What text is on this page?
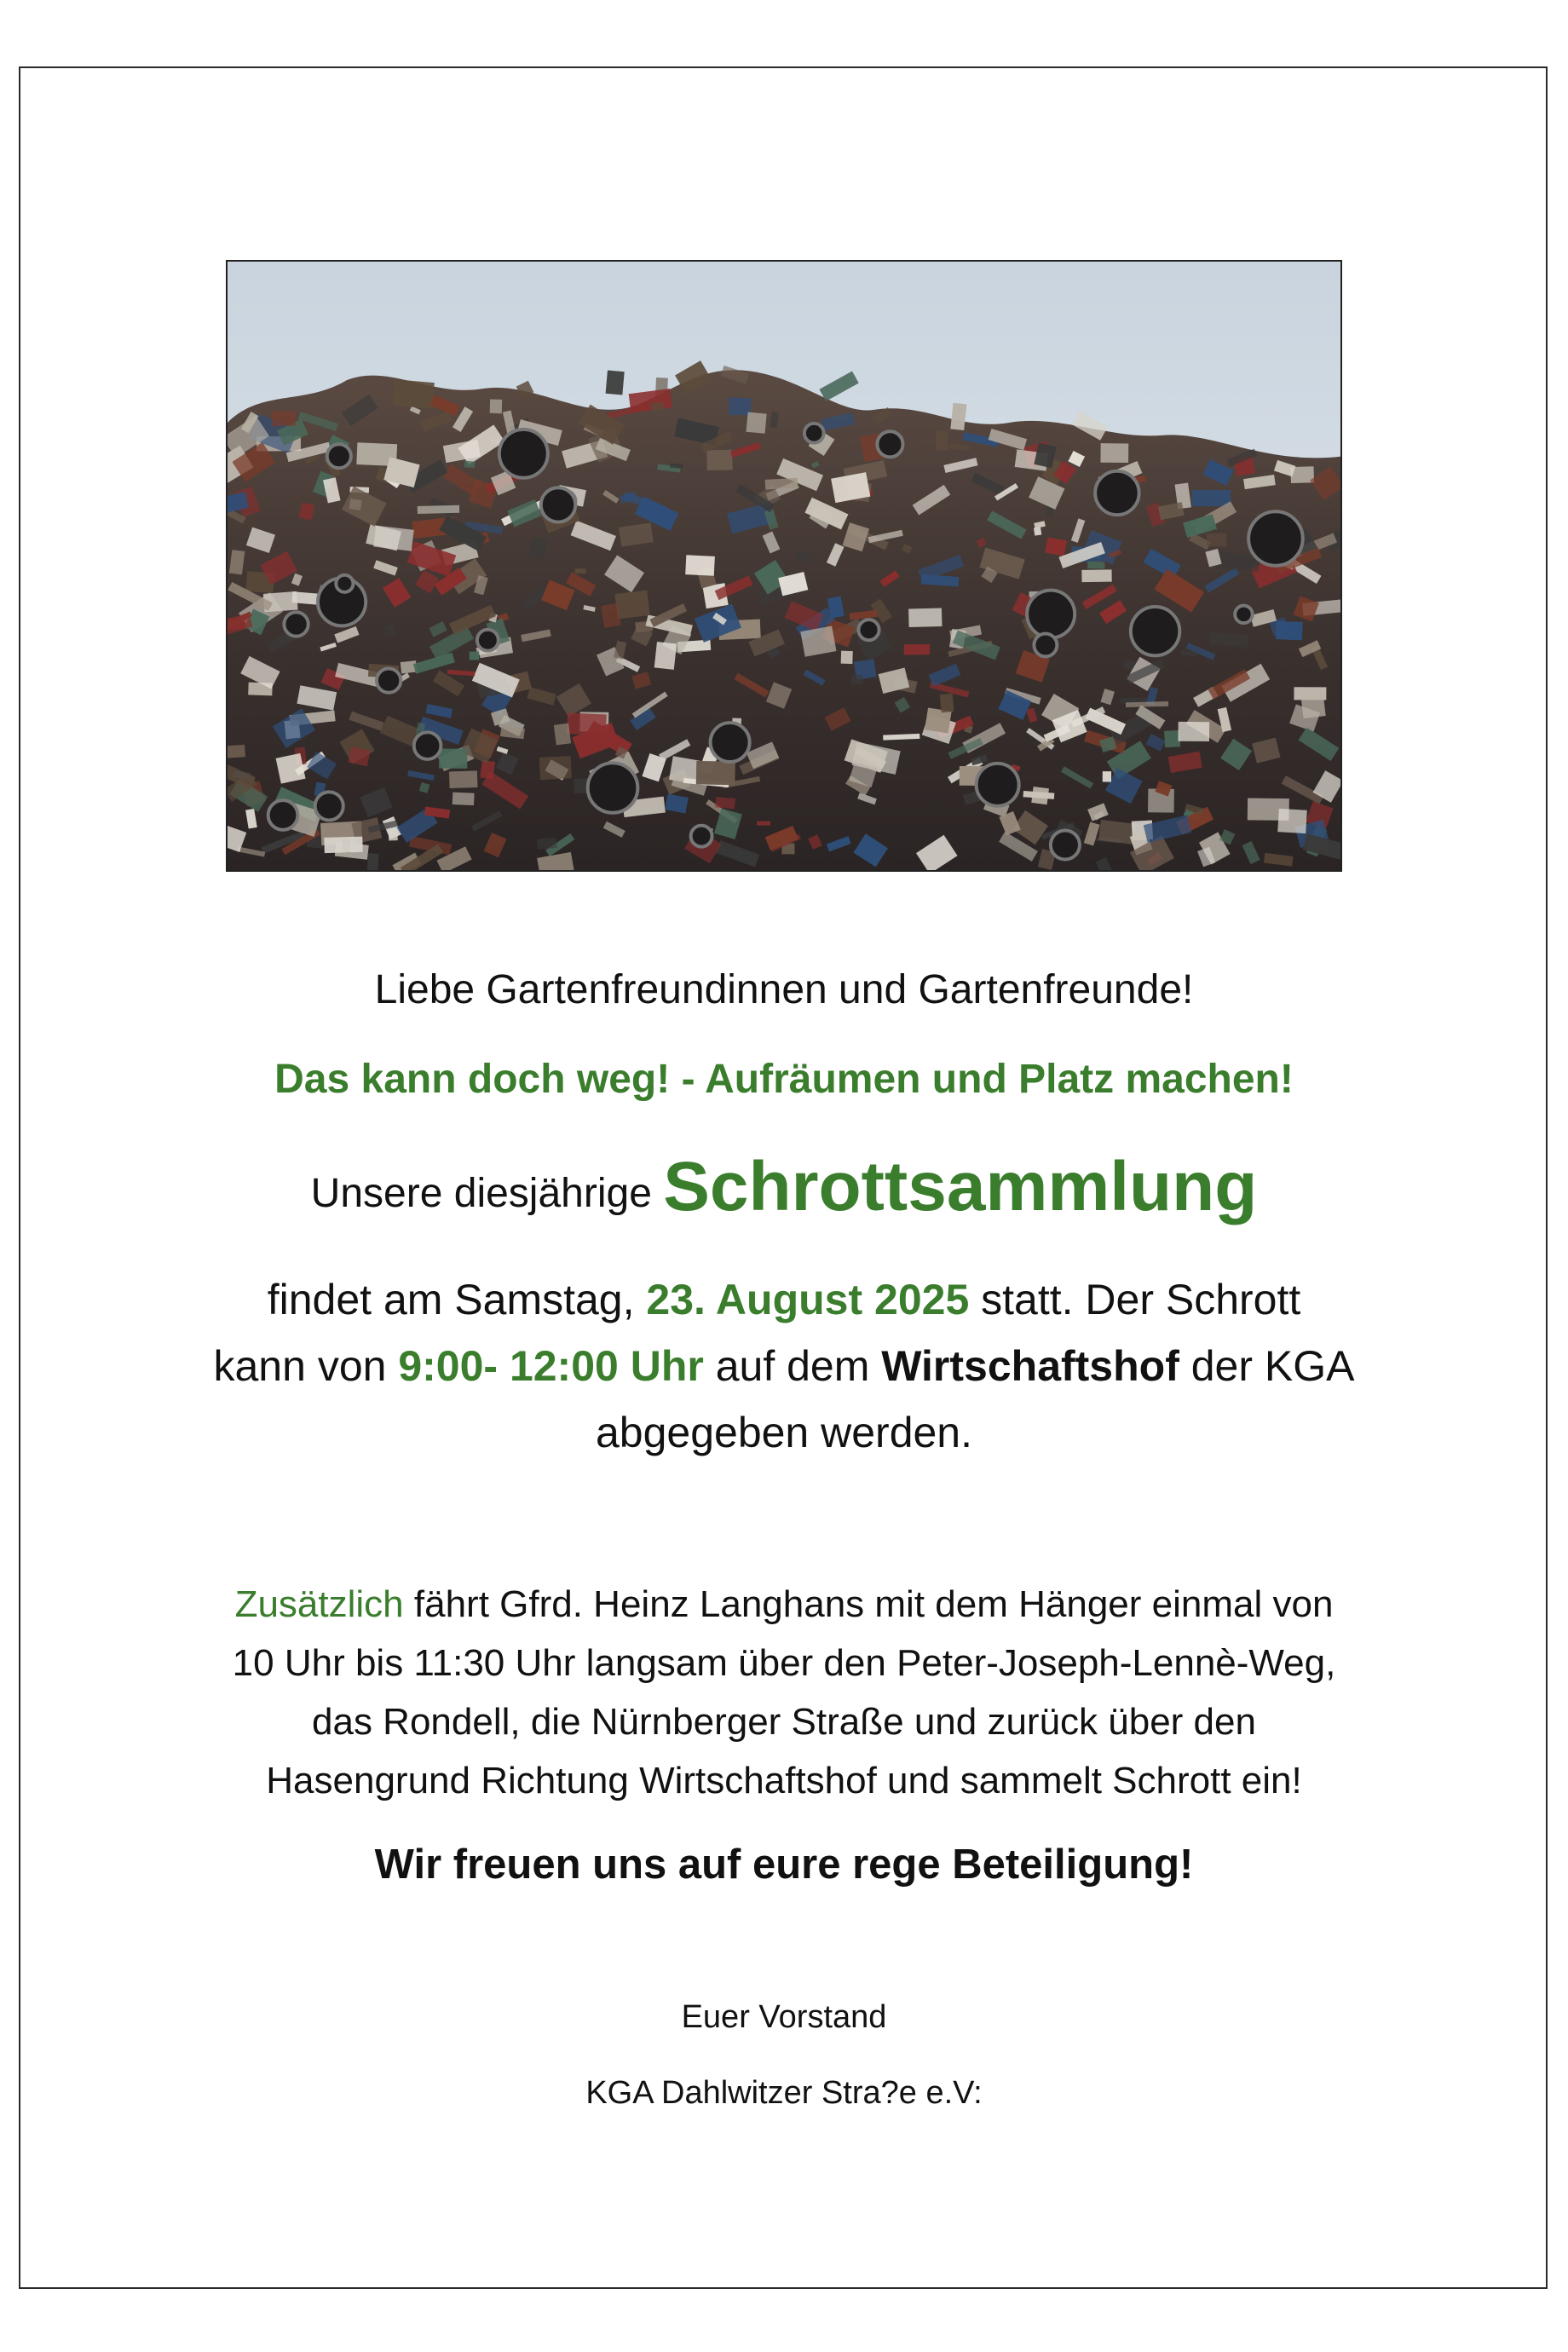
Liebe Gartenfreundinnen und Gartenfreunde!
Das kann doch weg! - Aufräumen und Platz machen!
Unsere diesjährige Schrottsammlung
findet am Samstag, 23. August 2025 statt. Der Schrott
kann von 9:00- 12:00 Uhr auf dem Wirtschaftshof der KGA
abgegeben werden.
Zusätzlich fährt Gfrd. Heinz Langhans mit dem Hänger einmal von
10 Uhr bis 11:30 Uhr langsam über den Peter-Joseph-Lennè-Weg,
das Rondell, die Nürnberger Straße und zurück über den
Hasengrund Richtung Wirtschaftshof und sammelt Schrott ein!
Wir freuen uns auf eure rege Beteiligung!
Euer Vorstand
KGA Dahlwitzer Stra?e e.V:
